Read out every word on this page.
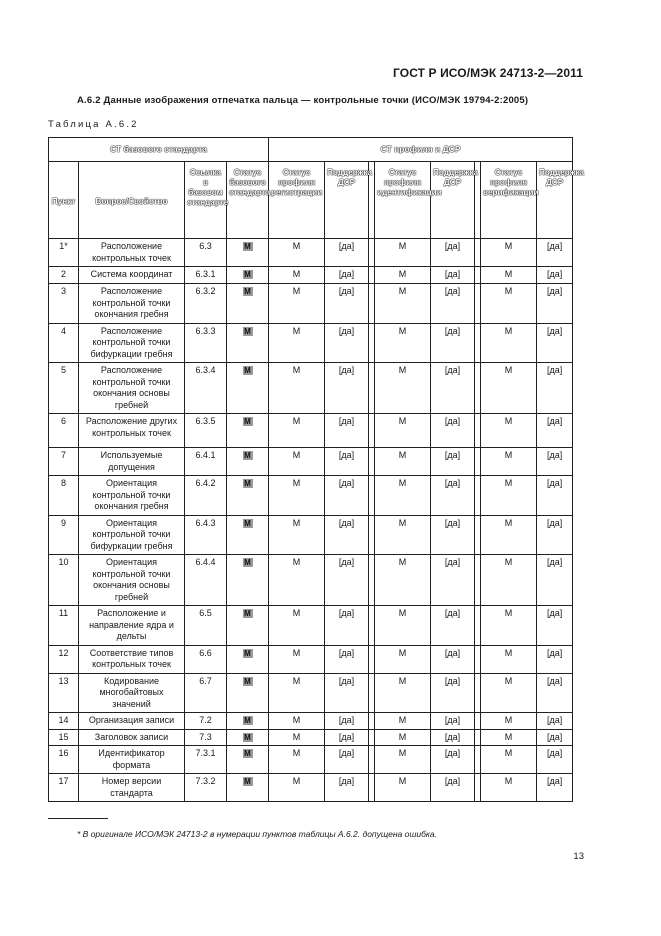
ГОСТ Р ИСО/МЭК 24713-2—2011
A.6.2 Данные изображения отпечатка пальца — контрольные точки (ИСО/МЭК 19794-2:2005)
Таблица А.6.2
СТ базового стандарта				СТ профиля и ДСР							
Пункт	Вопрос/Свойство	Ссылка в базовом стандарте	Статус базового стандарта	Статус профиля регистрации	Поддержка ДСР		Статус профиля идентификации	Поддержка ДСР		Статус профиля верификации	Поддержка ДСР
1*	Расположение контрольных точек	6.3	M	M	[да]		M	[да]		M	[да]
2	Система координат	6.3.1	M	M	[да]		M	[да]		M	[да]
3	Расположение контрольной точки окончания гребня	6.3.2	M	M	[да]		M	[да]		M	[да]
4	Расположение контрольной точки бифуркации гребня	6.3.3	M	M	[да]		M	[да]		M	[да]
5	Расположение контрольной точки окончания основы гребней	6.3.4	M	M	[да]		M	[да]		M	[да]
6	Расположение других контрольных точек	6.3.5	M	M	[да]		M	[да]		M	[да]
7	Используемые допущения	6.4.1	M	M	[да]		M	[да]		M	[да]
8	Ориентация контрольной точки окончания гребня	6.4.2	M	M	[да]		M	[да]		M	[да]
9	Ориентация контрольной точки бифуркации гребня	6.4.3	M	M	[да]		M	[да]		M	[да]
10	Ориентация контрольной точки окончания основы гребней	6.4.4	M	M	[да]		M	[да]		M	[да]
11	Расположение и направление ядра и дельты	6.5	M	M	[да]		M	[да]		M	[да]
12	Соответствие типов контрольных точек	6.6	M	M	[да]		M	[да]		M	[да]
13	Кодирование многобайтовых значений	6.7	M	M	[да]		M	[да]		M	[да]
14	Организация записи	7.2	M	M	[да]		M	[да]		M	[да]
15	Заголовок записи	7.3	M	M	[да]		M	[да]		M	[да]
16	Идентификатор формата	7.3.1	M	M	[да]		M	[да]		M	[да]
17	Номер версии стандарта	7.3.2	M	M	[да]		M	[да]		M	[да]
* В оригинале ИСО/МЭК 24713-2 в нумерации пунктов таблицы А.6.2. допущена ошибка.
13
